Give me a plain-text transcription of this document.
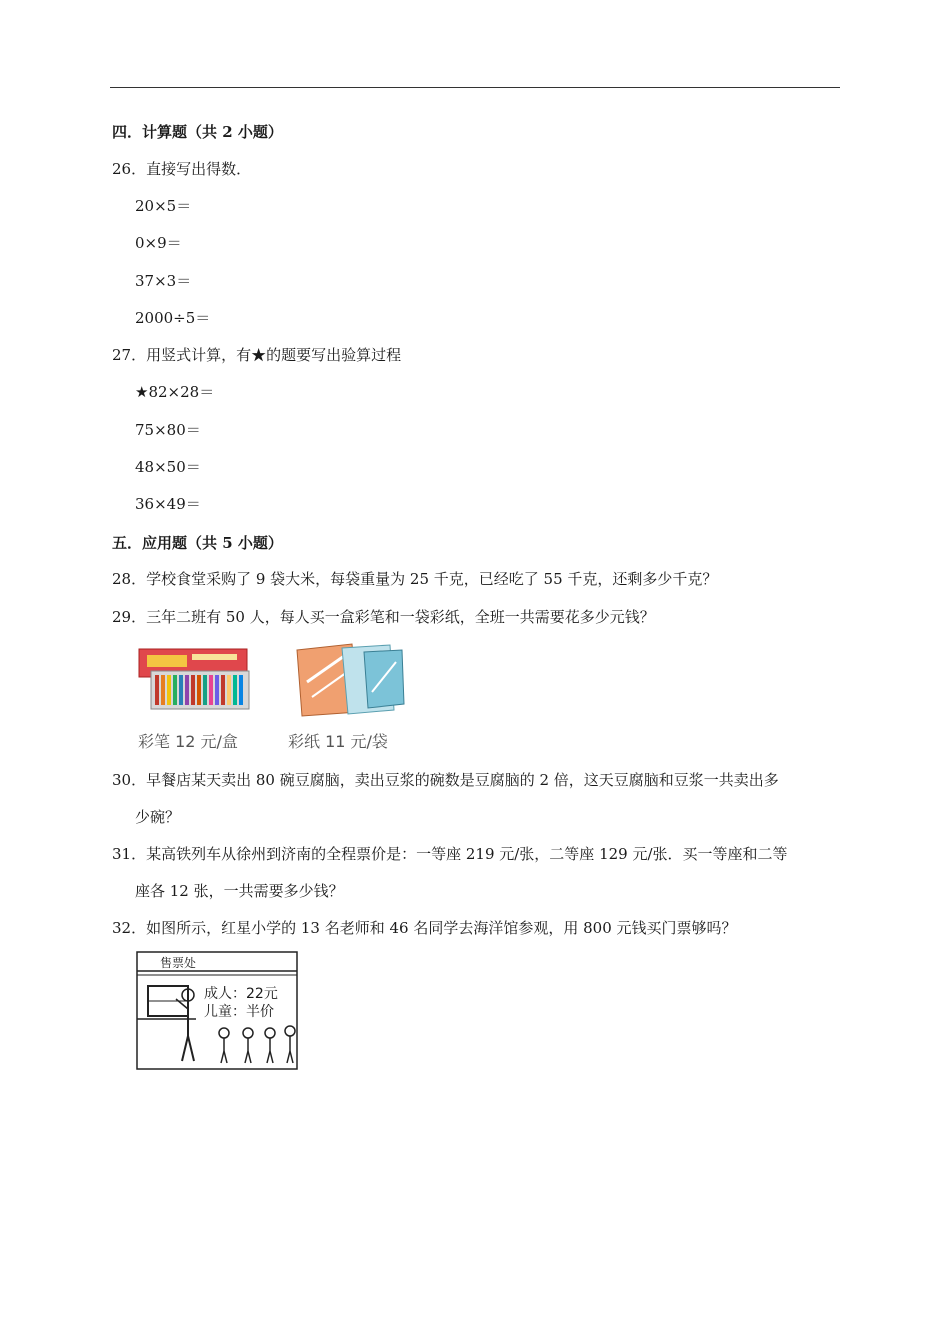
四．计算题（共 2 小题）
26．直接写出得数．
20×5＝
0×9＝
37×3＝
2000÷5＝
27．用竖式计算，有★的题要写出验算过程
★82×28＝
75×80＝
48×50＝
36×49＝
五．应用题（共 5 小题）
28．学校食堂采购了 9 袋大米，每袋重量为 25 千克，已经吃了 55 千克，还剩多少千克？
29．三年二班有 50 人，每人买一盒彩笔和一袋彩纸，全班一共需要花多少元钱？
彩笔 12 元/盒	彩纸 11 元/袋
30．早餐店某天卖出 80 碗豆腐脑，卖出豆浆的碗数是豆腐脑的 2 倍，这天豆腐脑和豆浆一共卖出多
少碗？
31．某高铁列车从徐州到济南的全程票价是：一等座 219 元/张，二等座 129 元/张．买一等座和二等
座各 12 张，一共需要多少钱？
32．如图所示，红星小学的 13 名老师和 46 名同学去海洋馆参观，用 800 元钱买门票够吗？
售票处
成人：22元
儿童：半价
